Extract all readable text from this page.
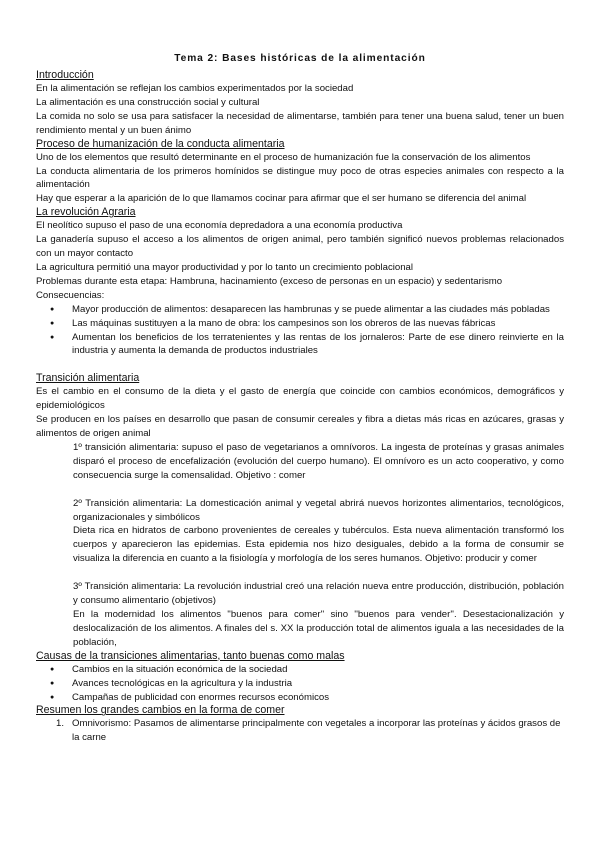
Tema 2: Bases históricas de la alimentación
Introducción

En la alimentación se reflejan los cambios experimentados por la sociedad

La alimentación es una construcción social y cultural

La comida no solo se usa para satisfacer la necesidad de alimentarse, también para tener una buena salud, tener un buen rendimiento mental y un buen ánimo

Proceso de humanización de la conducta alimentaria

Uno de los elementos que resultó determinante en el proceso de humanización fue la conservación de los alimentos

La conducta alimentaria de los primeros homínidos se distingue muy poco de otras especies animales con respecto a la alimentación

Hay que esperar a la aparición de lo que llamamos cocinar para afirmar que el ser humano se diferencia del animal

La revolución Agraria

El neolítico supuso el paso de una economía depredadora a una economía productiva

La ganadería supuso el acceso a los alimentos de origen animal, pero también significó nuevos problemas relacionados con un mayor contacto

La agricultura permitió una mayor productividad y por lo tanto un crecimiento poblacional

Problemas durante esta etapa: Hambruna, hacinamiento (exceso de personas en un espacio) y sedentarismo

Consecuencias:

● Mayor producción de alimentos: desaparecen las hambrunas y se puede alimentar a las ciudades más pobladas
● Las máquinas sustituyen a la mano de obra: los campesinos son los obreros de las nuevas fábricas
● Aumentan los beneficios de los terratenientes y las rentas de los jornaleros: Parte de ese dinero reinvierte en la industria y aumenta la demanda de productos industriales
Transición alimentaria

Es el cambio en el consumo de la dieta y el gasto de energía que coincide con cambios económicos, demográficos y epidemiológicos

Se producen en los países en desarrollo que pasan de consumir cereales y fibra a dietas más ricas en azúcares, grasas y alimentos de origen animal

1º transición alimentaria: supuso el paso de vegetarianos a omnívoros. La ingesta de proteínas y grasas animales disparó el proceso de encefalización (evolución del cuerpo humano). El omnívoro es un acto cooperativo, y como consecuencia surge la comensalidad. Objetivo : comer

2º Transición alimentaria: La domesticación animal y vegetal abrirá nuevos horizontes alimentarios, tecnológicos, organizacionales y simbólicos

Dieta rica en hidratos de carbono provenientes de cereales y tubérculos. Esta nueva alimentación transformó los cuerpos y aparecieron las epidemias. Esta epidemia nos hizo desiguales, debido a la forma de consumir se visualiza la diferencia en cuanto a la fisiología y morfología de los seres humanos. Objetivo: producir y comer

3º Transición alimentaria: La revolución industrial creó una relación nueva entre producción, distribución, población y consumo alimentario (objetivos)

En la modernidad los alimentos ''buenos para comer'' sino ''buenos para vender''. Desestacionalización y deslocalización de los alimentos. A finales del s. XX la producción total de alimentos iguala a las necesidades de la población,

Causas de la transiciones alimentarias, tanto buenas como malas
● Cambios en la situación económica de la sociedad
● Avances tecnológicas en la agricultura y la industria
● Campañas de publicidad con enormes recursos económicos
Resumen los grandes cambios en la forma de comer
1. Omnivorismo: Pasamos de alimentarse principalmente con vegetales a incorporar las proteínas y ácidos grasos de la carne
